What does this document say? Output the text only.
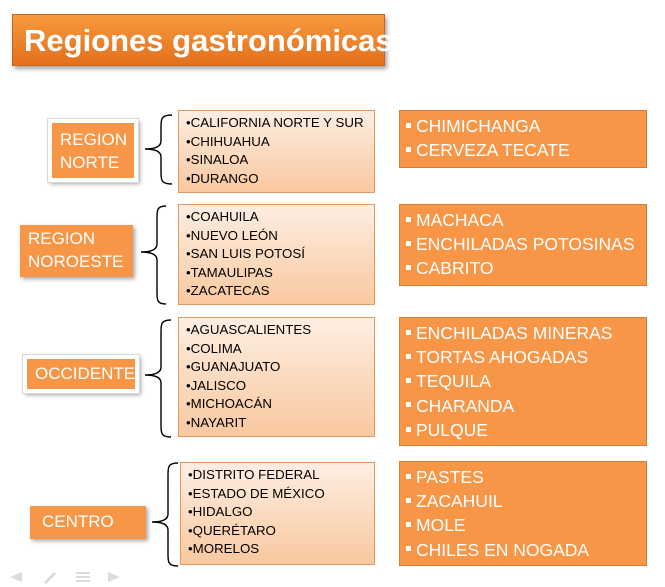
Regiones gastronómicas
REGION
NORTE
REGION
NOROESTE
OCCIDENTE
CENTRO
• CALIFORNIA NORTE Y SUR
• CHIHUAHUA
• SINALOA
• DURANGO
• COAHUILA
• NUEVO LEÓN
• SAN LUIS POTOSÍ
• TAMAULIPAS
• ZACATECAS
• AGUASCALIENTES
• COLIMA
• GUANAJUATO
• JALISCO
• MICHOACÁN
• NAYARIT
• DISTRITO FEDERAL
• ESTADO DE MÉXICO
• HIDALGO
• QUERÉTARO
• MORELOS
CHIMICHANGA
CERVEZA TECATE
MACHACA
ENCHILADAS POTOSINAS
CABRITO
ENCHILADAS MINERAS
TORTAS AHOGADAS
TEQUILA
CHARANDA
PULQUE
PASTES
ZACAHUIL
MOLE
CHILES EN NOGADA
